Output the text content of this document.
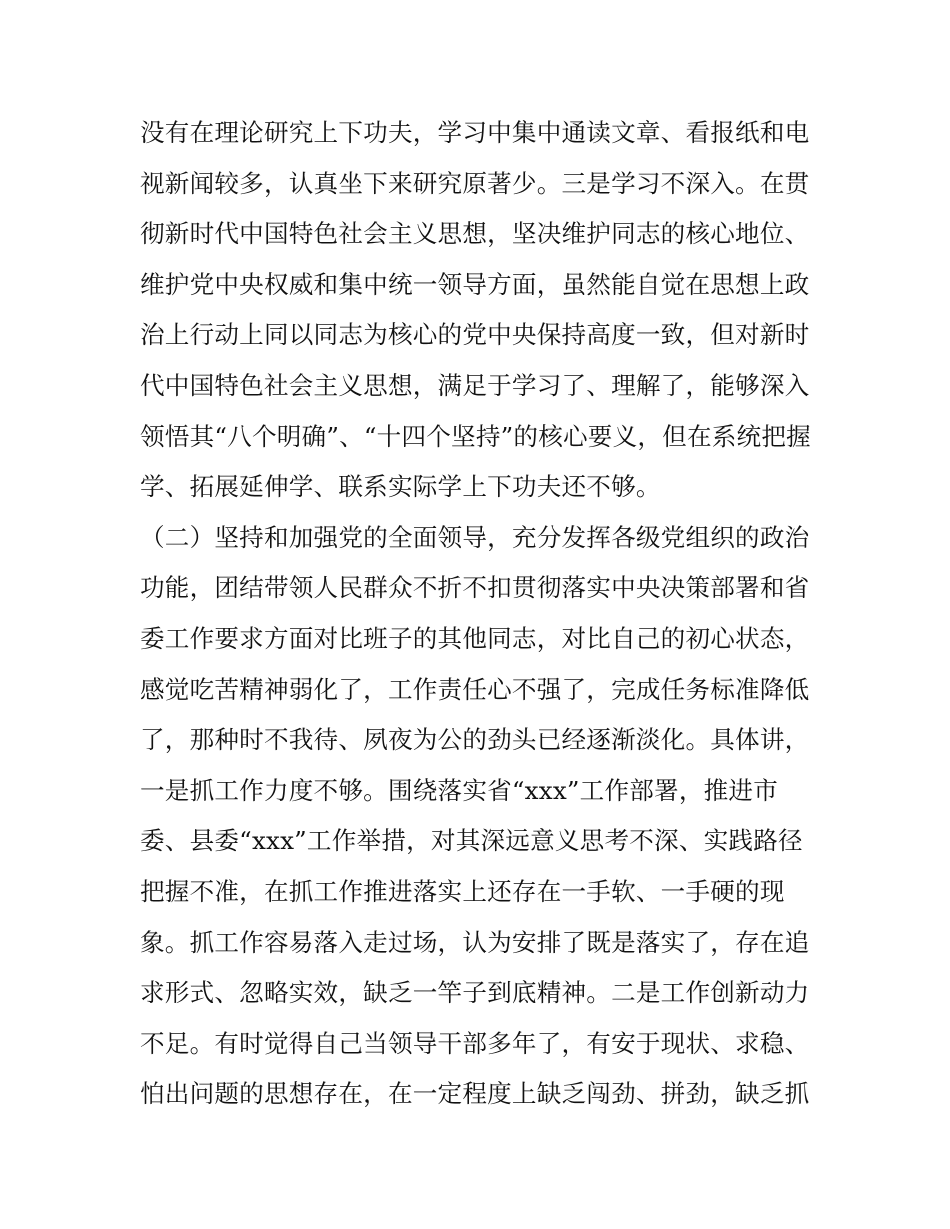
没有在理论研究上下功夫，学习中集中通读文章、看报纸和电
视新闻较多，认真坐下来研究原著少。三是学习不深入。在贯
彻新时代中国特色社会主义思想，坚决维护同志的核心地位、
维护党中央权威和集中统一领导方面，虽然能自觉在思想上政
治上行动上同以同志为核心的党中央保持高度一致，但对新时
代中国特色社会主义思想，满足于学习了、理解了，能够深入
领悟其“八个明确”、“十四个坚持”的核心要义，但在系统把握
学、拓展延伸学、联系实际学上下功夫还不够。
（二）坚持和加强党的全面领导，充分发挥各级党组织的政治
功能，团结带领人民群众不折不扣贯彻落实中央决策部署和省
委工作要求方面对比班子的其他同志，对比自己的初心状态，
感觉吃苦精神弱化了，工作责任心不强了，完成任务标准降低
了，那种时不我待、夙夜为公的劲头已经逐渐淡化。具体讲，
一是抓工作力度不够。围绕落实省“xxx”工作部署，推进市
委、县委“xxx”工作举措，对其深远意义思考不深、实践路径
把握不准，在抓工作推进落实上还存在一手软、一手硬的现
象。抓工作容易落入走过场，认为安排了既是落实了，存在追
求形式、忽略实效，缺乏一竿子到底精神。二是工作创新动力
不足。有时觉得自己当领导干部多年了，有安于现状、求稳、
怕出问题的思想存在，在一定程度上缺乏闯劲、拼劲，缺乏抓
